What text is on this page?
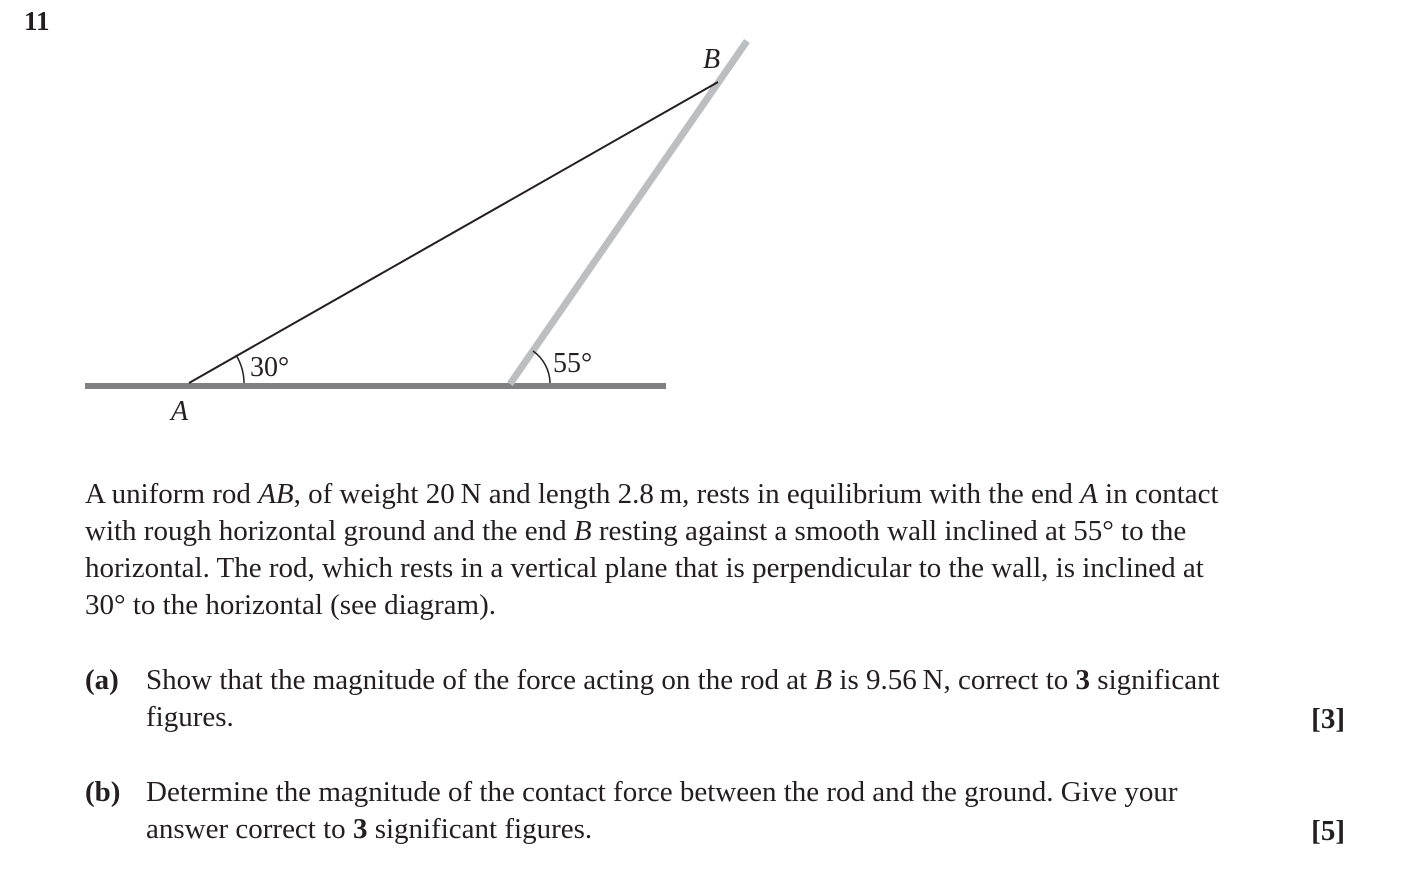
11
30°	55°
A
B
A uniform rod AB, of weight 20 N and length 2.8 m, rests in equilibrium with the end A in contact
with rough horizontal ground and the end B resting against a smooth wall inclined at 55° to the
horizontal. The rod, which rests in a vertical plane that is perpendicular to the wall, is inclined at
30° to the horizontal (see diagram).
(a) Show that the magnitude of the force acting on the rod at B is 9.56 N, correct to 3 significant
figures.	[3]
(b) Determine the magnitude of the contact force between the rod and the ground. Give your
answer correct to 3 significant figures.	[5]
